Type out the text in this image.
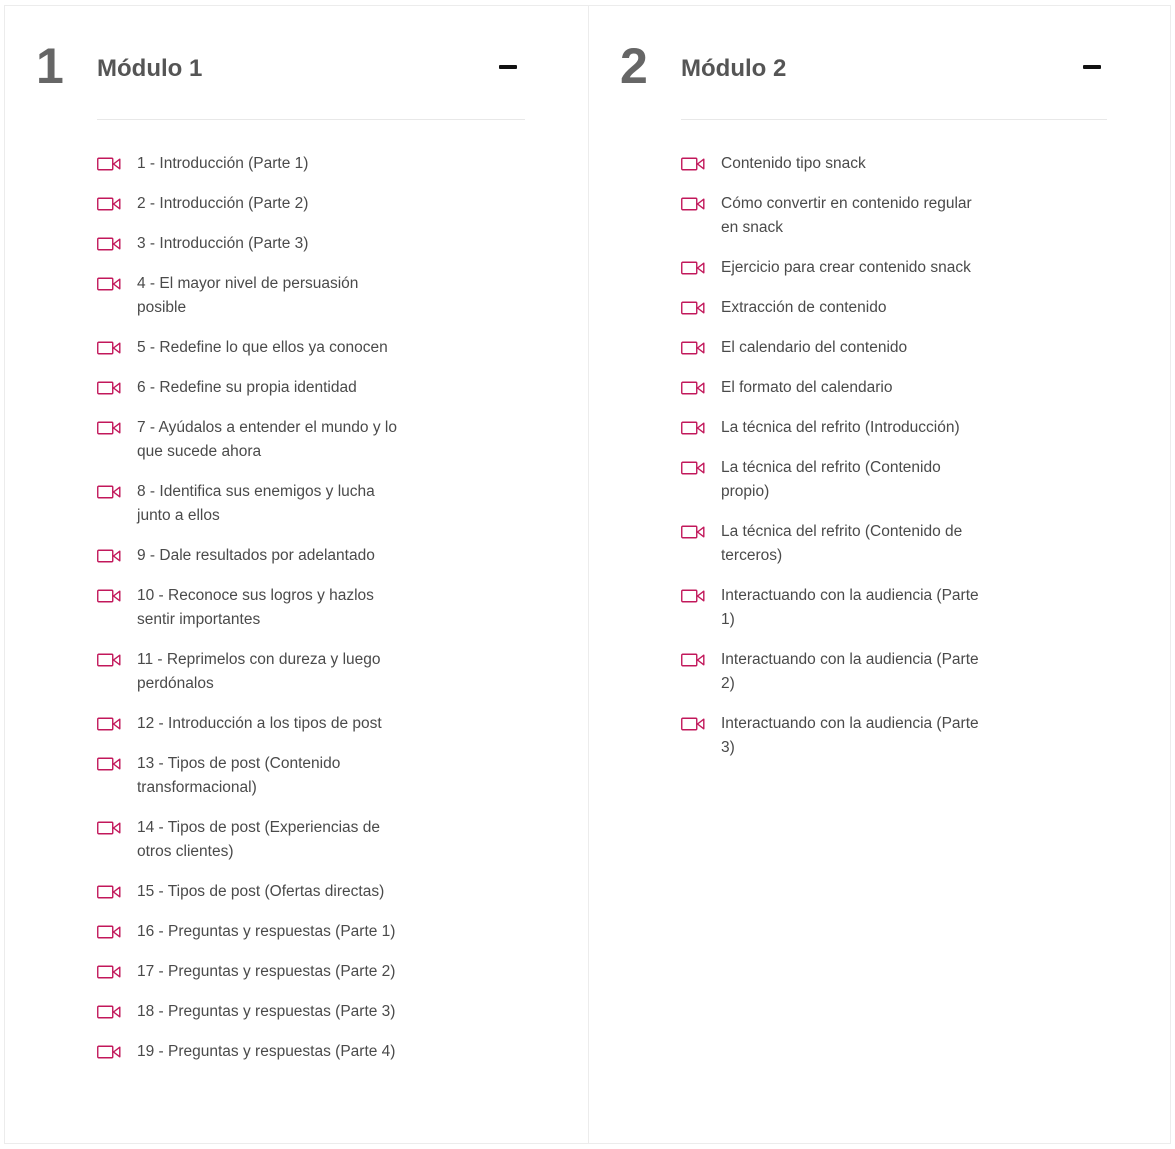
1 Módulo 1
1 - Introducción (Parte 1)
2 - Introducción (Parte 2)
3 - Introducción (Parte 3)
4 - El mayor nivel de persuasión posible
5 - Redefine lo que ellos ya conocen
6 - Redefine su propia identidad
7 - Ayúdalos a entender el mundo y lo que sucede ahora
8 - Identifica sus enemigos y lucha junto a ellos
9 - Dale resultados por adelantado
10 - Reconoce sus logros y hazlos sentir importantes
11 - Reprimelos con dureza y luego perdónalos
12 - Introducción a los tipos de post
13 - Tipos de post (Contenido transformacional)
14 - Tipos de post (Experiencias de otros clientes)
15 - Tipos de post (Ofertas directas)
16 - Preguntas y respuestas (Parte 1)
17 - Preguntas y respuestas (Parte 2)
18 - Preguntas y respuestas (Parte 3)
19 - Preguntas y respuestas (Parte 4)
2 Módulo 2
Contenido tipo snack
Cómo convertir en contenido regular en snack
Ejercicio para crear contenido snack
Extracción de contenido
El calendario del contenido
El formato del calendario
La técnica del refrito (Introducción)
La técnica del refrito (Contenido propio)
La técnica del refrito (Contenido de terceros)
Interactuando con la audiencia (Parte 1)
Interactuando con la audiencia (Parte 2)
Interactuando con la audiencia (Parte 3)
